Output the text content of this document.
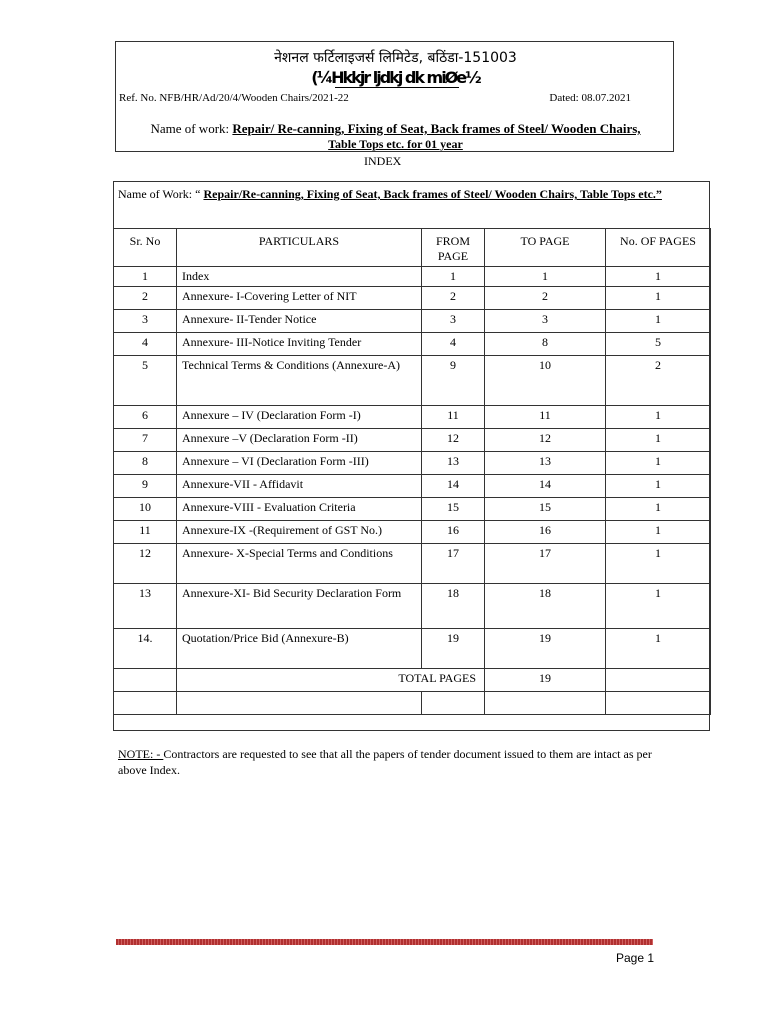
नेशनल फर्टिलाइजर्स लिमिटेड, बठिंडा-151003
(¼Hkkjr ljdkj dk miØe½
Ref. No. NFB/HR/Ad/20/4/Wooden Chairs/2021-22	Dated: 08.07.2021
Name of work: Repair/ Re-canning, Fixing of Seat, Back frames of Steel/ Wooden Chairs,
Table Tops etc. for 01 year
INDEX
Name of Work: “ Repair/Re-canning, Fixing of Seat, Back frames of Steel/ Wooden Chairs, Table Tops etc.”
Sr. No	PARTICULARS	FROM PAGE	TO PAGE	No. OF PAGES
1	Index	1	1	1
2	Annexure- I-Covering Letter of NIT	2	2	1
3	Annexure- II-Tender Notice	3	3	1
4	Annexure- III-Notice Inviting Tender	4	8	5
5	Technical Terms & Conditions (Annexure-A)	9	10	2
6	Annexure – IV (Declaration Form -I)	11	11	1
7	Annexure –V (Declaration Form -II)	12	12	1
8	Annexure – VI (Declaration Form -III)	13	13	1
9	Annexure-VII - Affidavit	14	14	1
10	Annexure-VIII - Evaluation Criteria	15	15	1
11	Annexure-IX -(Requirement of GST No.)	16	16	1
12	Annexure- X-Special Terms and Conditions	17	17	1
13	Annexure-XI- Bid Security Declaration Form	18	18	1
14.	Quotation/Price Bid (Annexure-B)	19	19	1
	TOTAL PAGES		19	

NOTE: - Contractors are requested to see that all the papers of tender document issued to them are intact as per above Index.
Page 1
